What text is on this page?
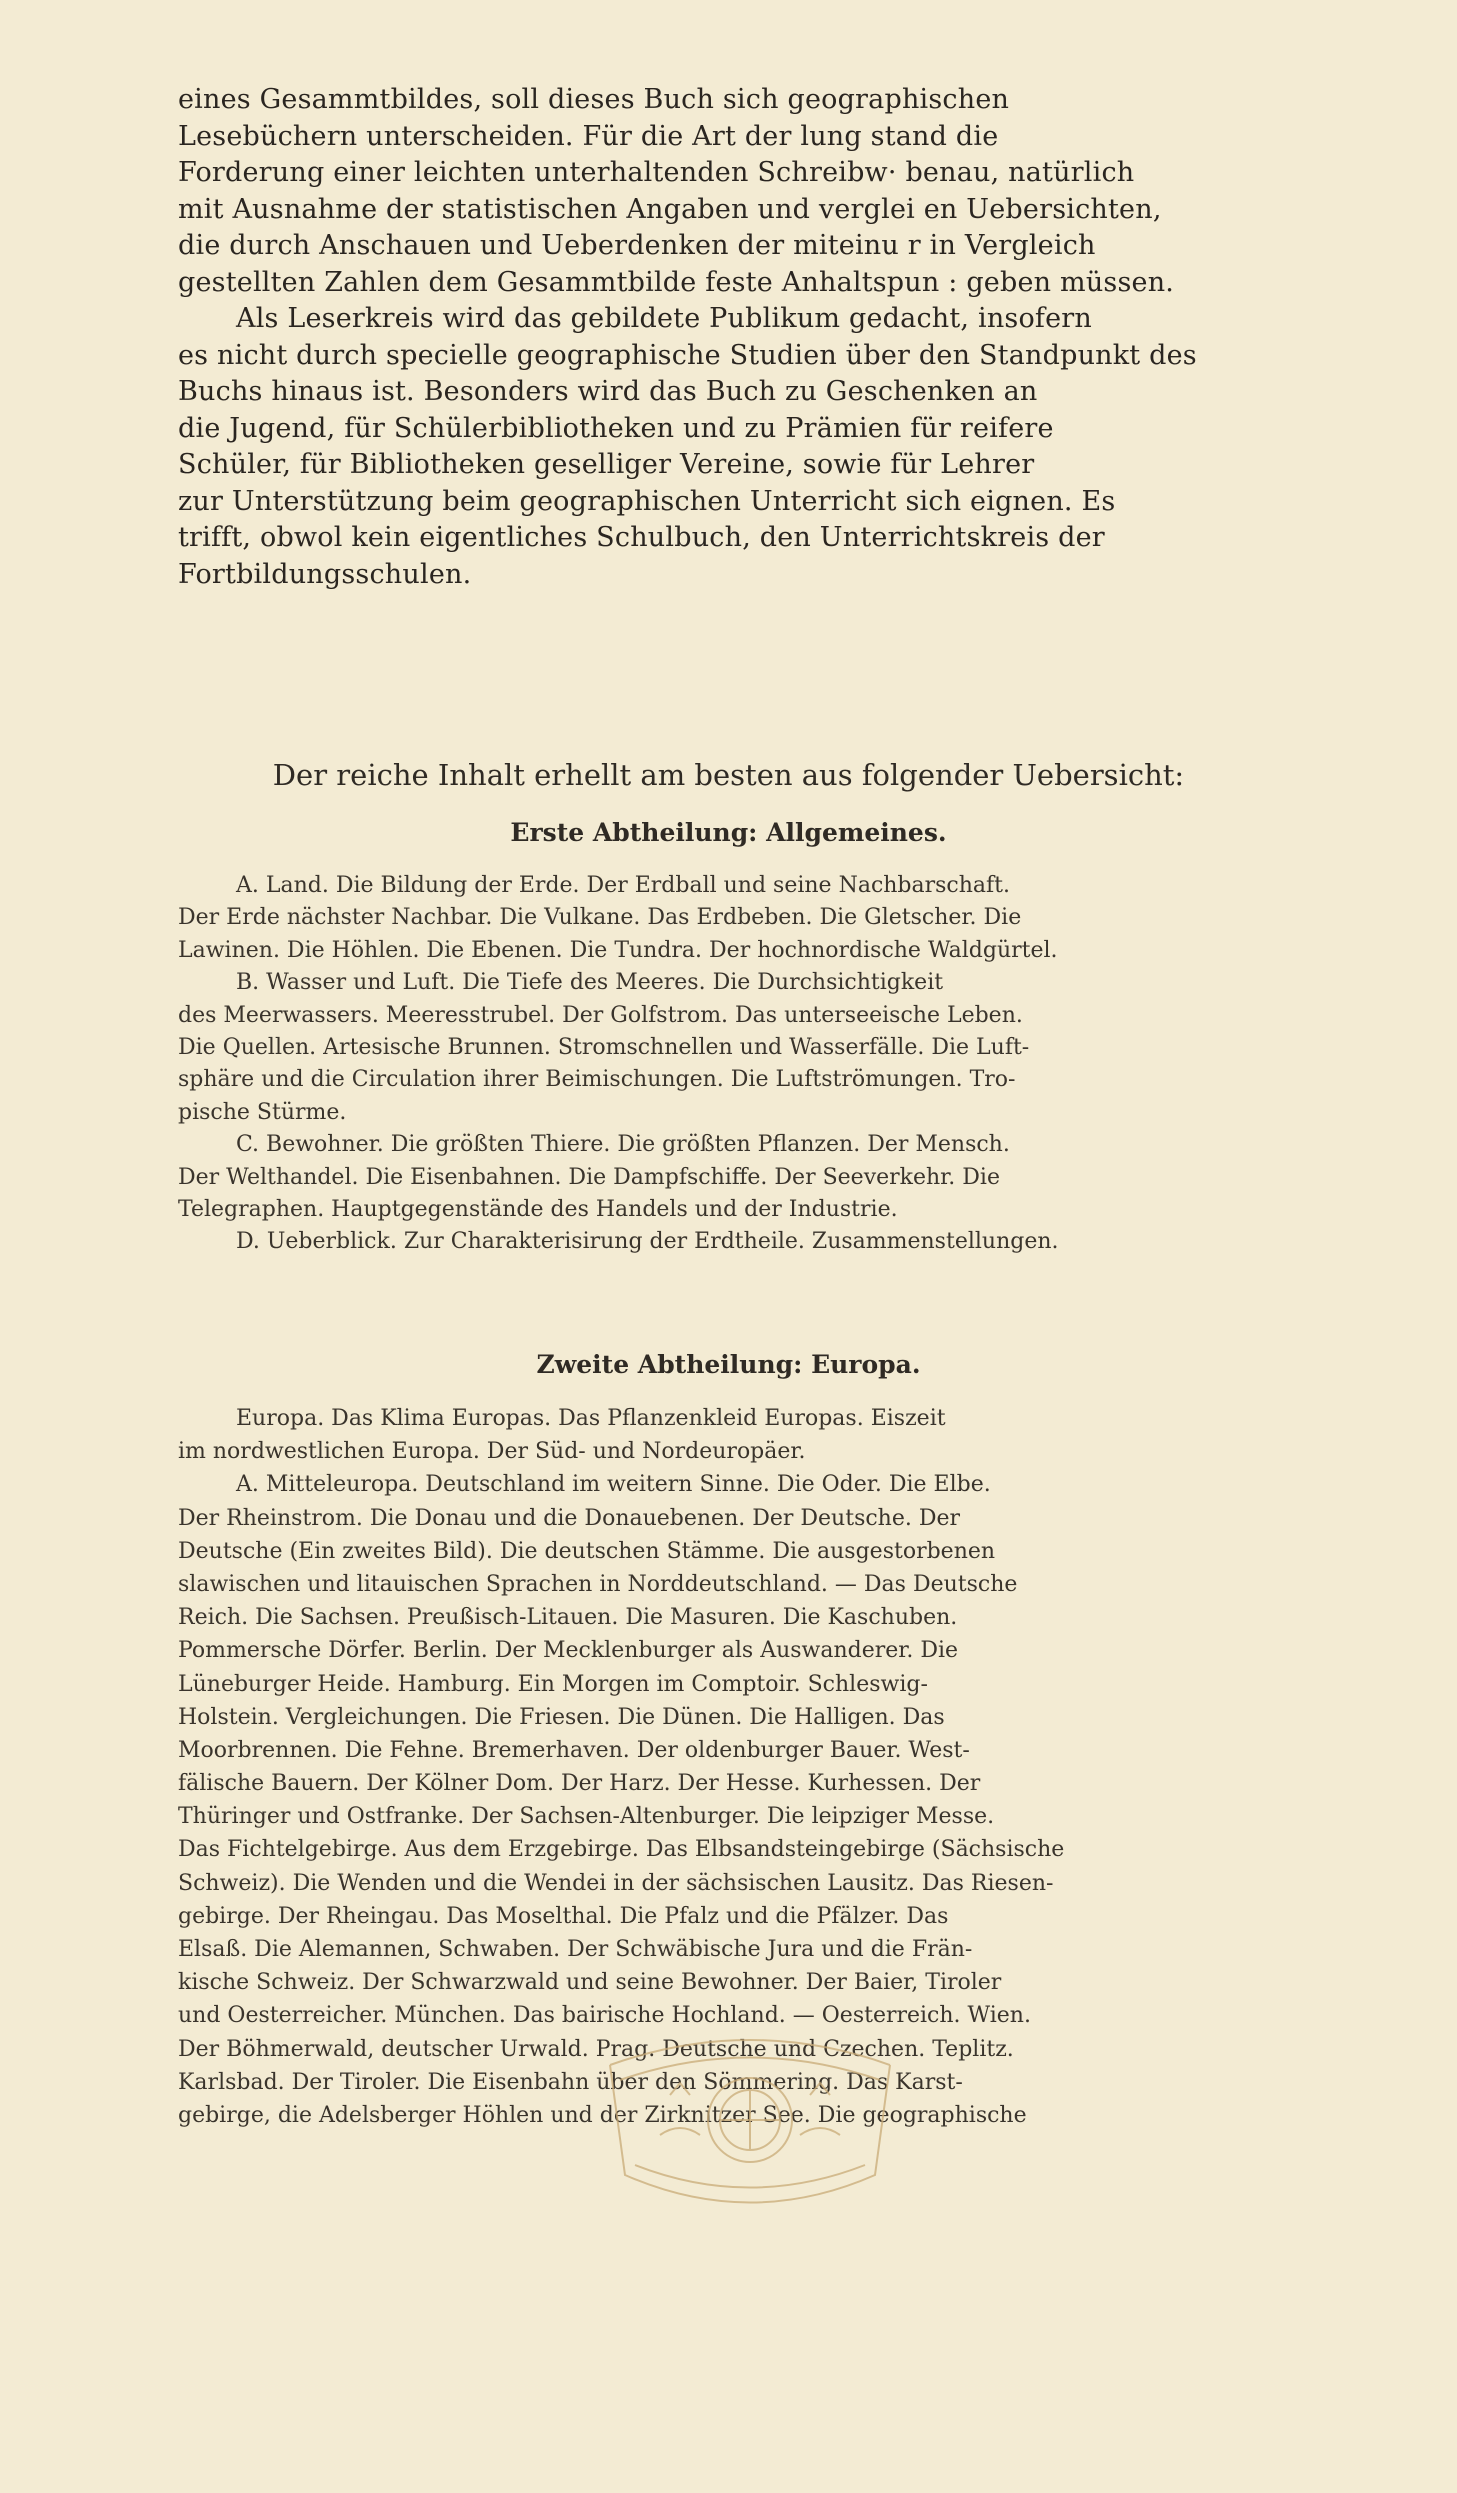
eines Gesammtbildes, soll dieses Buch sich geographischen
Lesebüchern unterscheiden. Für die Art der lung stand die
Forderung einer leichten unterhaltenden Schreibw· benau, natürlich
mit Ausnahme der statistischen Angaben und verglei en Uebersichten,
die durch Anschauen und Ueberdenken der miteinu r in Vergleich
gestellten Zahlen dem Gesammtbilde feste Anhaltspun : geben müssen.
Als Leserkreis wird das gebildete Publikum gedacht, insofern
es nicht durch specielle geographische Studien über den Standpunkt des
Buchs hinaus ist. Besonders wird das Buch zu Geschenken an
die Jugend, für Schülerbibliotheken und zu Prämien für reifere
Schüler, für Bibliotheken geselliger Vereine, sowie für Lehrer
zur Unterstützung beim geographischen Unterricht sich eignen. Es
trifft, obwol kein eigentliches Schulbuch, den Unterrichtskreis der
Fortbildungsschulen.
Der reiche Inhalt erhellt am besten aus folgender Uebersicht:
Erste Abtheilung: Allgemeines.
A. Land. Die Bildung der Erde. Der Erdball und seine Nachbarschaft.
Der Erde nächster Nachbar. Die Vulkane. Das Erdbeben. Die Gletscher. Die
Lawinen. Die Höhlen. Die Ebenen. Die Tundra. Der hochnordische Waldgürtel.
B. Wasser und Luft. Die Tiefe des Meeres. Die Durchsichtigkeit
des Meerwassers. Meeresstrubel. Der Golfstrom. Das unterseeische Leben.
Die Quellen. Artesische Brunnen. Stromschnellen und Wasserfälle. Die Luft-
sphäre und die Circulation ihrer Beimischungen. Die Luftströmungen. Tro-
pische Stürme.
C. Bewohner. Die größten Thiere. Die größten Pflanzen. Der Mensch.
Der Welthandel. Die Eisenbahnen. Die Dampfschiffe. Der Seeverkehr. Die
Telegraphen. Hauptgegenstände des Handels und der Industrie.
D. Ueberblick. Zur Charakterisirung der Erdtheile. Zusammenstellungen.
Zweite Abtheilung: Europa.
Europa. Das Klima Europas. Das Pflanzenkleid Europas. Eiszeit
im nordwestlichen Europa. Der Süd- und Nordeuropäer.
A. Mitteleuropa. Deutschland im weitern Sinne. Die Oder. Die Elbe.
Der Rheinstrom. Die Donau und die Donauebenen. Der Deutsche. Der
Deutsche (Ein zweites Bild). Die deutschen Stämme. Die ausgestorbenen
slawischen und litauischen Sprachen in Norddeutschland. — Das Deutsche
Reich. Die Sachsen. Preußisch-Litauen. Die Masuren. Die Kaschuben.
Pommersche Dörfer. Berlin. Der Mecklenburger als Auswanderer. Die
Lüneburger Heide. Hamburg. Ein Morgen im Comptoir. Schleswig-
Holstein. Vergleichungen. Die Friesen. Die Dünen. Die Halligen. Das
Moorbrennen. Die Fehne. Bremerhaven. Der oldenburger Bauer. West-
fälische Bauern. Der Kölner Dom. Der Harz. Der Hesse. Kurhessen. Der
Thüringer und Ostfranke. Der Sachsen-Altenburger. Die leipziger Messe.
Das Fichtelgebirge. Aus dem Erzgebirge. Das Elbsandsteingebirge (Sächsische
Schweiz). Die Wenden und die Wendei in der sächsischen Lausitz. Das Riesen-
gebirge. Der Rheingau. Das Moselthal. Die Pfalz und die Pfälzer. Das
Elsaß. Die Alemannen, Schwaben. Der Schwäbische Jura und die Frän-
kische Schweiz. Der Schwarzwald und seine Bewohner. Der Baier, Tiroler
und Oesterreicher. München. Das bairische Hochland. — Oesterreich. Wien.
Der Böhmerwald, deutscher Urwald. Prag. Deutsche und Czechen. Teplitz.
Karlsbad. Der Tiroler. Die Eisenbahn über den Sömmering. Das Karst-
gebirge, die Adelsberger Höhlen und der Zirknitzer See. Die geographische
